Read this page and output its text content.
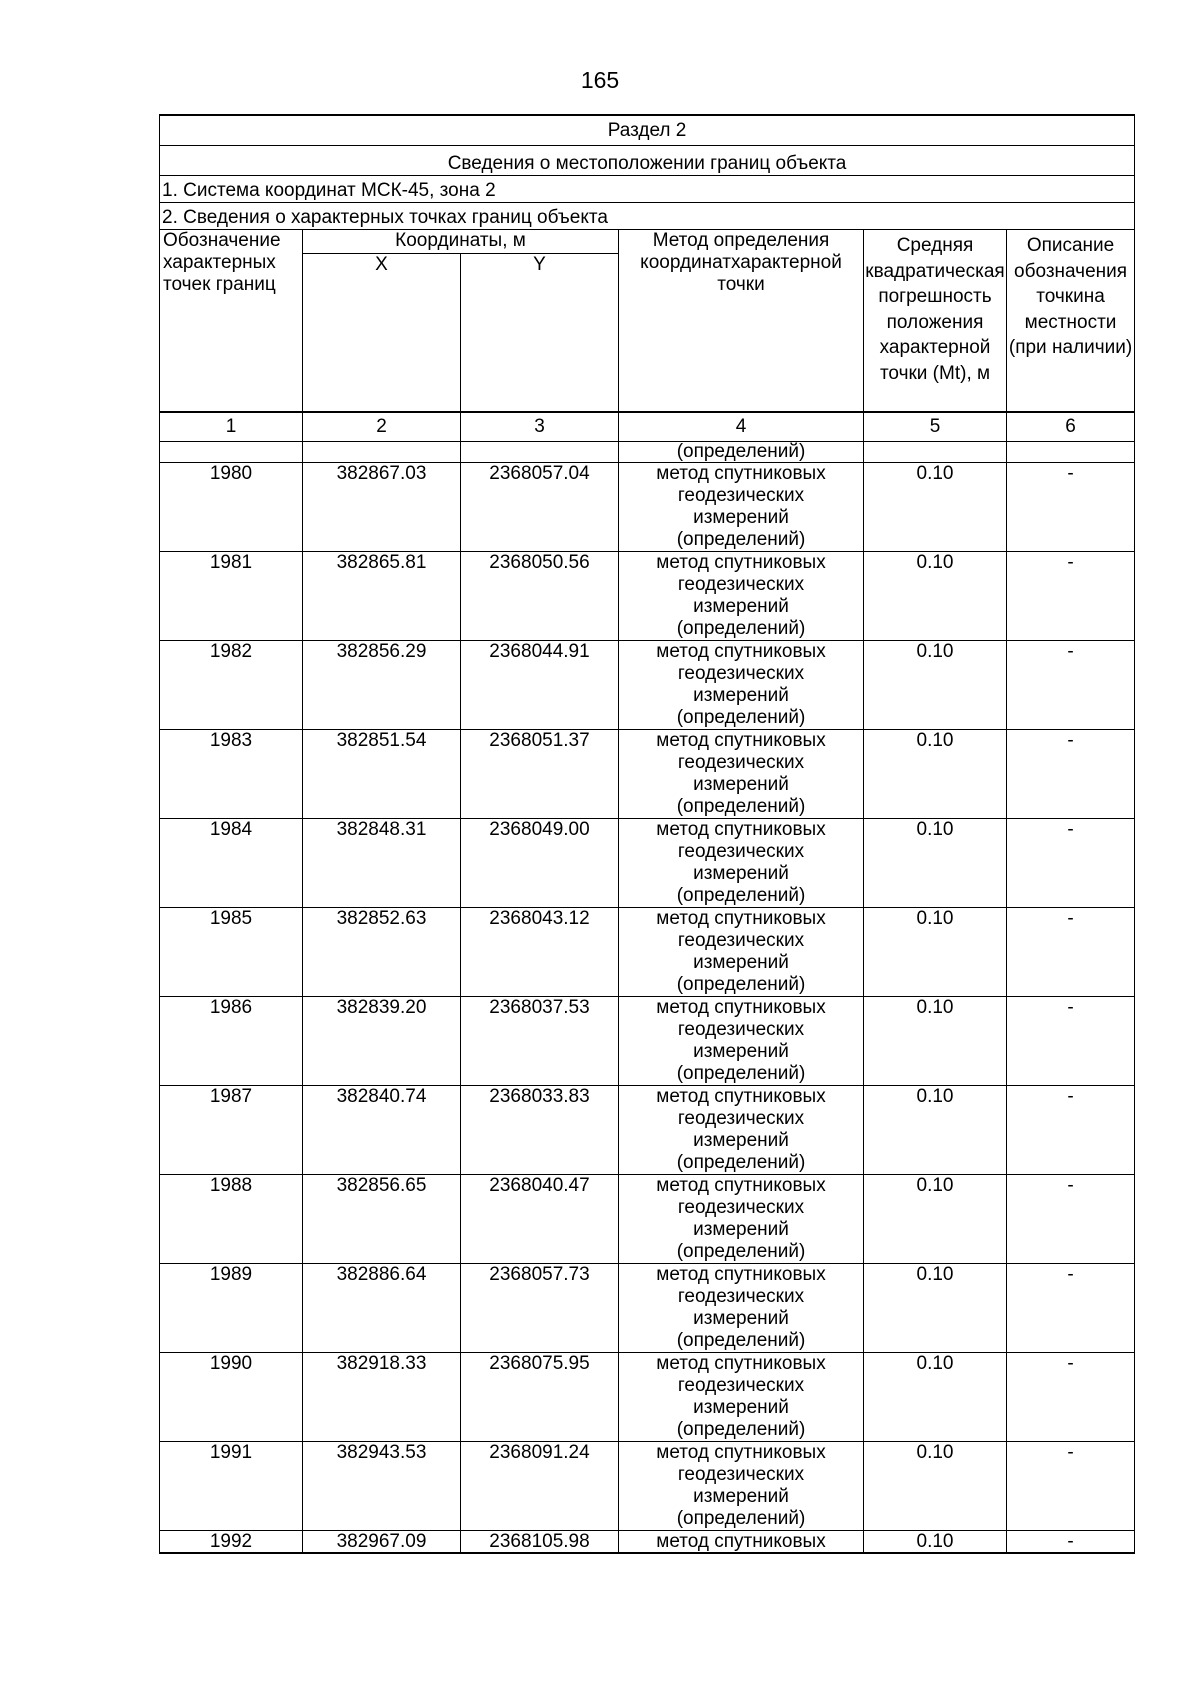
165
Раздел 2					
Сведения о местоположении границ объекта					
1. Система координат МСК-45, зона 2					
2. Сведения о характерных точках границ объекта					
Обозначение характерных точек границ	Координаты, м		Метод определения координатхарактерной точки	Средняя квадратическая погрешность положения характерной точки (Mt), м	Описание обозначения точкина местности (при наличии)
	X	Y			
1	2	3	4	5	6
			(определений)		
1980	382867.03	2368057.04	метод спутниковых
геодезических
измерений
(определений)	0.10	-
1981	382865.81	2368050.56	метод спутниковых
геодезических
измерений
(определений)	0.10	-
1982	382856.29	2368044.91	метод спутниковых
геодезических
измерений
(определений)	0.10	-
1983	382851.54	2368051.37	метод спутниковых
геодезических
измерений
(определений)	0.10	-
1984	382848.31	2368049.00	метод спутниковых
геодезических
измерений
(определений)	0.10	-
1985	382852.63	2368043.12	метод спутниковых
геодезических
измерений
(определений)	0.10	-
1986	382839.20	2368037.53	метод спутниковых
геодезических
измерений
(определений)	0.10	-
1987	382840.74	2368033.83	метод спутниковых
геодезических
измерений
(определений)	0.10	-
1988	382856.65	2368040.47	метод спутниковых
геодезических
измерений
(определений)	0.10	-
1989	382886.64	2368057.73	метод спутниковых
геодезических
измерений
(определений)	0.10	-
1990	382918.33	2368075.95	метод спутниковых
геодезических
измерений
(определений)	0.10	-
1991	382943.53	2368091.24	метод спутниковых
геодезических
измерений
(определений)	0.10	-
1992	382967.09	2368105.98	метод спутниковых	0.10	-
